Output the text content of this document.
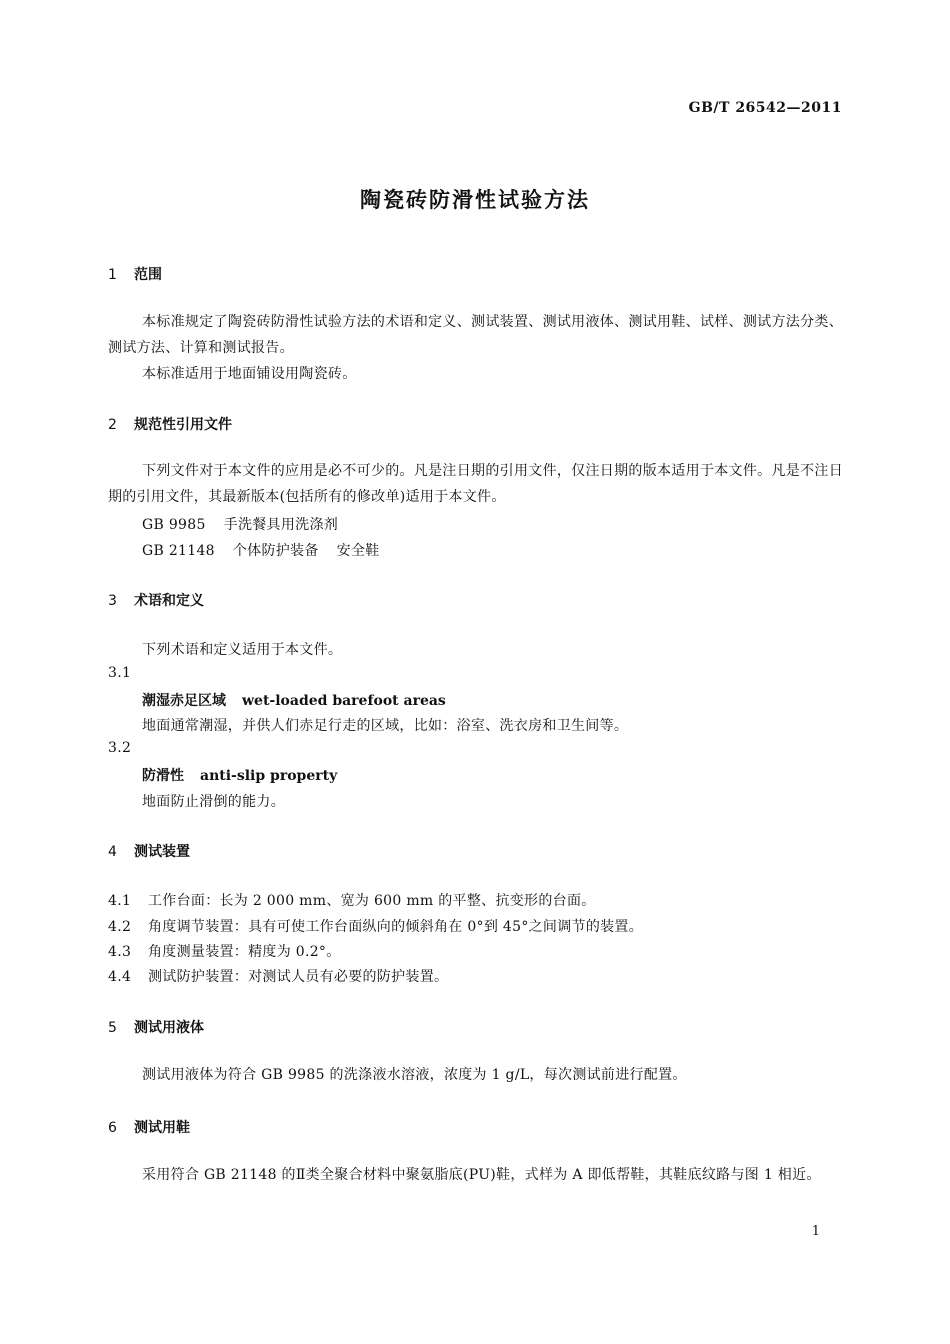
GB/T 26542—2011
陶瓷砖防滑性试验方法
1 范围
本标准规定了陶瓷砖防滑性试验方法的术语和定义、测试装置、测试用液体、测试用鞋、试样、测试方法分类、测试方法、计算和测试报告。
本标准适用于地面铺设用陶瓷砖。
2 规范性引用文件
下列文件对于本文件的应用是必不可少的。凡是注日期的引用文件，仅注日期的版本适用于本文件。凡是不注日期的引用文件，其最新版本(包括所有的修改单)适用于本文件。
GB 9985 手洗餐具用洗涤剂
GB 21148 个体防护装备 安全鞋
3 术语和定义
下列术语和定义适用于本文件。
3.1
潮湿赤足区域 wet-loaded barefoot areas
地面通常潮湿，并供人们赤足行走的区域，比如：浴室、洗衣房和卫生间等。
3.2
防滑性 anti-slip property
地面防止滑倒的能力。
4 测试装置
4.1 工作台面：长为 2 000 mm、宽为 600 mm 的平整、抗变形的台面。
4.2 角度调节装置：具有可使工作台面纵向的倾斜角在 0°到 45°之间调节的装置。
4.3 角度测量装置：精度为 0.2°。
4.4 测试防护装置：对测试人员有必要的防护装置。
5 测试用液体
测试用液体为符合 GB 9985 的洗涤液水溶液，浓度为 1 g/L，每次测试前进行配置。
6 测试用鞋
采用符合 GB 21148 的Ⅱ类全聚合材料中聚氨脂底(PU)鞋，式样为 A 即低帮鞋，其鞋底纹路与图 1 相近。
1
